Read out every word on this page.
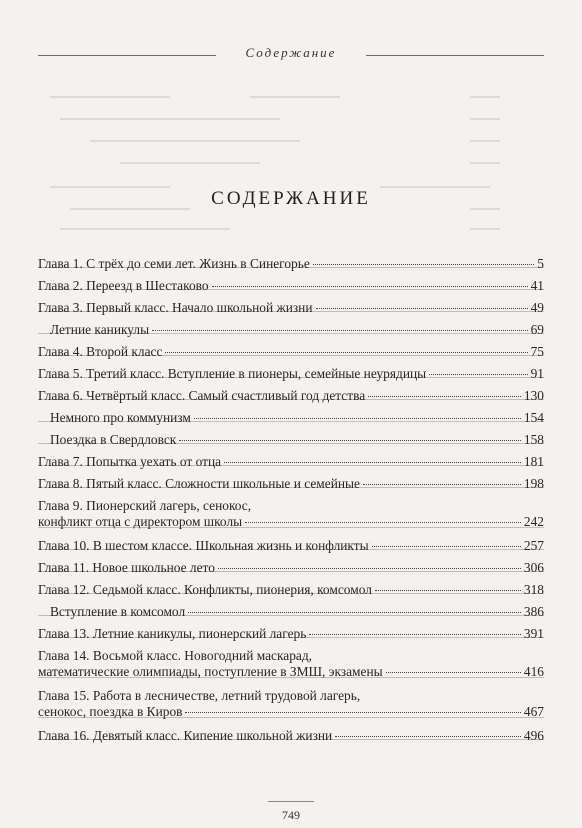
Содержание
СОДЕРЖАНИЕ
Глава 1. С трёх до семи лет. Жизнь в Синегорье	5
Глава 2. Переезд в Шестаково	41
Глава 3. Первый класс. Начало школьной жизни	49
Летние каникулы	69
Глава 4. Второй класс	75
Глава 5. Третий класс. Вступление в пионеры, семейные неурядицы	91
Глава 6. Четвёртый класс. Самый счастливый год детства	130
Немного про коммунизм	154
Поездка в Свердловск	158
Глава 7. Попытка уехать от отца	181
Глава 8. Пятый класс. Сложности школьные и семейные	198
Глава 9. Пионерский лагерь, сенокос,
конфликт отца с директором школы	242
Глава 10. В шестом классе. Школьная жизнь и конфликты	257
Глава 11. Новое школьное лето	306
Глава 12. Седьмой класс. Конфликты, пионерия, комсомол	318
Вступление в комсомол	386
Глава 13. Летние каникулы, пионерский лагерь	391
Глава 14. Восьмой класс. Новогодний маскарад,
математические олимпиады, поступление в ЗМШ, экзамены	416
Глава 15. Работа в лесничестве, летний трудовой лагерь,
сенокос, поездка в Киров	467
Глава 16. Девятый класс. Кипение школьной жизни	496
749
